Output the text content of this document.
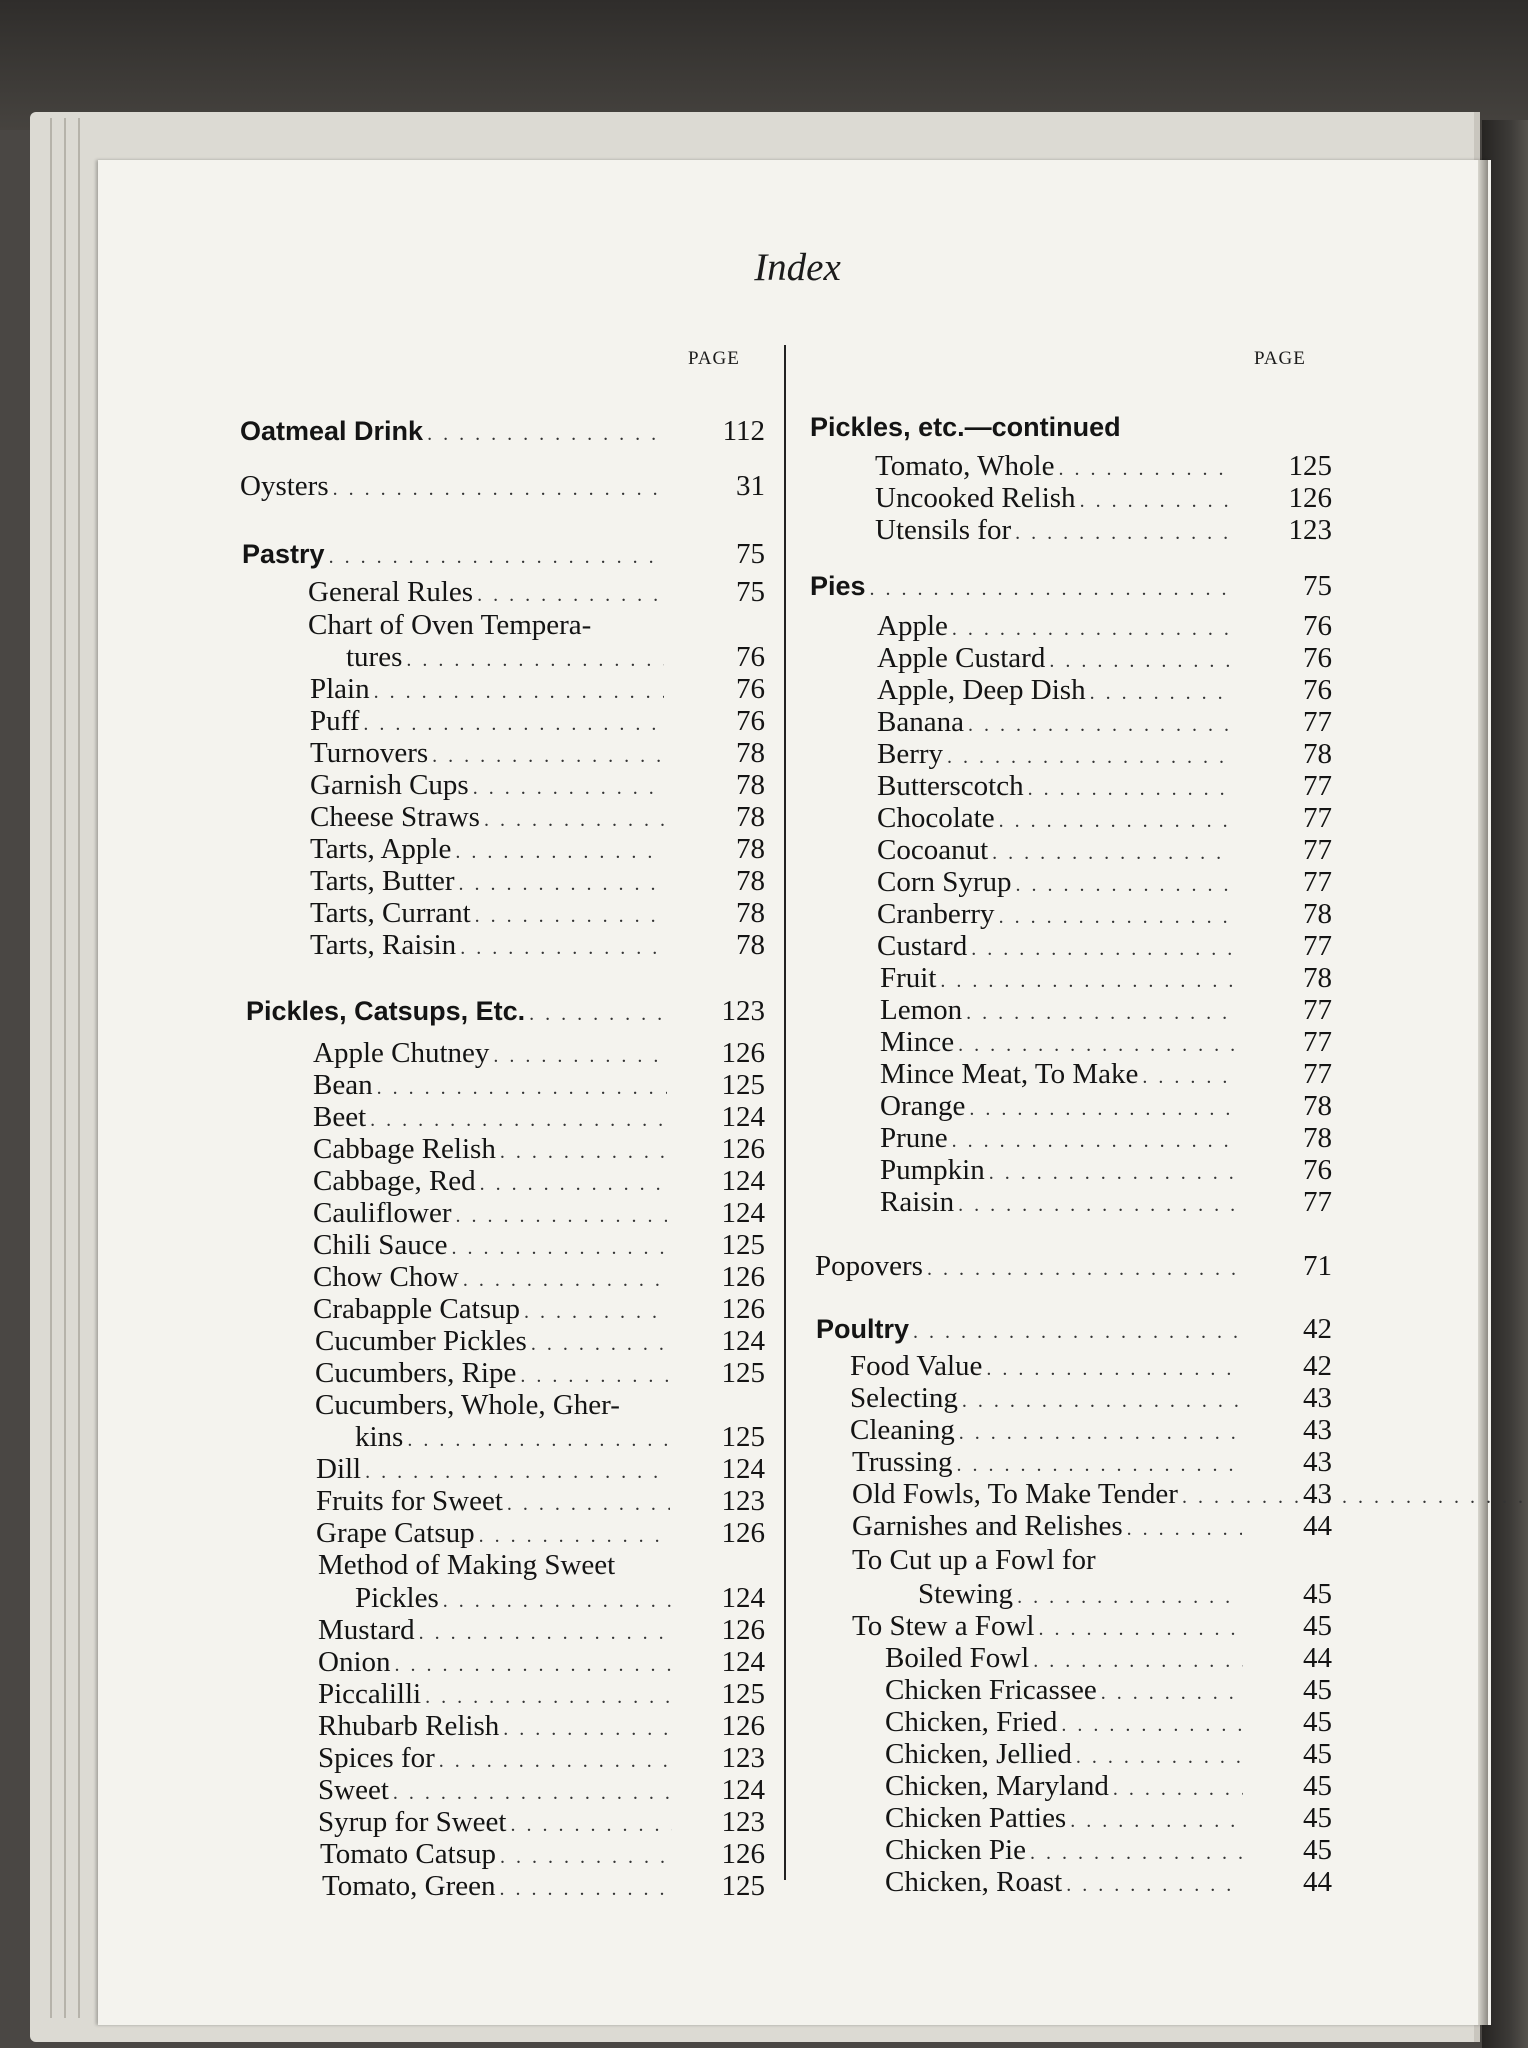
Index
PAGE	PAGE
Oatmeal Drink . . .	112
Oysters . . .	31
Pastry . . .	75
General Rules . . .	75
Chart of Oven Tempera-
tures . . .	76
Plain . . .	76
Puff . . .	76
Turnovers . . .	78
Garnish Cups . . .	78
Cheese Straws . . .	78
Tarts, Apple . . .	78
Tarts, Butter . . .	78
Tarts, Currant . . .	78
Tarts, Raisin . . .	78
Pickles, Catsups, Etc. . . .	123
Apple Chutney . . .	126
Bean . . .	125
Beet . . .	124
Cabbage Relish . . .	126
Cabbage, Red . . .	124
Cauliflower . . .	124
Chili Sauce . . .	125
Chow Chow . . .	126
Crabapple Catsup . . .	126
Cucumber Pickles . . .	124
Cucumbers, Ripe . . .	125
Cucumbers, Whole, Gher-
kins . . .	125
Dill . . .	124
Fruits for Sweet . . .	123
Grape Catsup . . .	126
Method of Making Sweet
Pickles . . .	124
Mustard . . .	126
Onion . . .	124
Piccalilli . . .	125
Rhubarb Relish . . .	126
Spices for . . .	123
Sweet . . .	124
Syrup for Sweet . . .	123
Tomato Catsup . . .	126
Tomato, Green . . .	125
Pickles, etc.—continued
Tomato, Whole . . .	125
Uncooked Relish . . .	126
Utensils for . . .	123
Pies . . .	75
Apple . . .	76
Apple Custard . . .	76
Apple, Deep Dish . . .	76
Banana . . .	77
Berry . . .	78
Butterscotch . . .	77
Chocolate . . .	77
Cocoanut . . .	77
Corn Syrup . . .	77
Cranberry . . .	78
Custard . . .	77
Fruit . . .	78
Lemon . . .	77
Mince . . .	77
Mince Meat, To Make . . .	77
Orange . . .	78
Prune . . .	78
Pumpkin . . .	76
Raisin . . .	77
Popovers . . .	71
Poultry . . .	42
Food Value . . .	42
Selecting . . .	43
Cleaning . . .	43
Trussing . . .	43
Old Fowls, To Make Tender . . .	43
Garnishes and Relishes . . .	44
To Cut up a Fowl for
Stewing . . .	45
To Stew a Fowl . . .	45
Boiled Fowl . . .	44
Chicken Fricassee . . .	45
Chicken, Fried . . .	45
Chicken, Jellied . . .	45
Chicken, Maryland . . .	45
Chicken Patties . . .	45
Chicken Pie . . .	45
Chicken, Roast . . .	44
